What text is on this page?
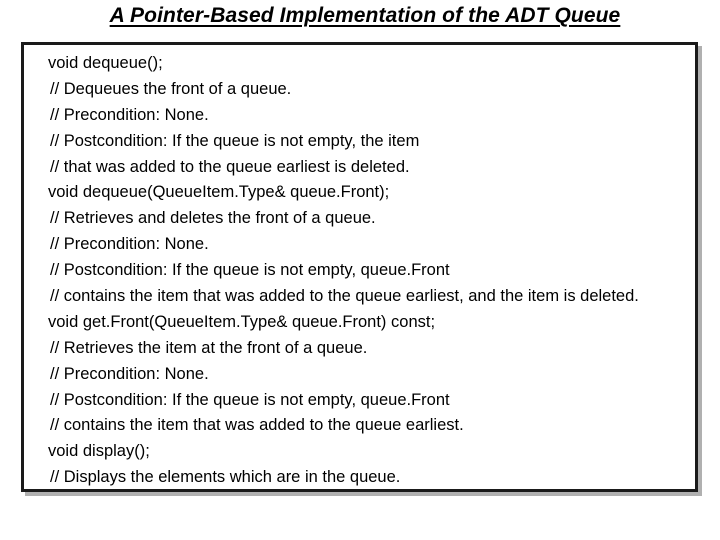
A Pointer-Based Implementation of the ADT Queue
void dequeue();
// Dequeues the front of a queue.
// Precondition: None.
// Postcondition: If the queue is not empty, the item
// that was added to the queue earliest is deleted.
void dequeue(QueueItem.Type& queue.Front);
// Retrieves and deletes the front of a queue.
// Precondition: None.
// Postcondition: If the queue is not empty, queue.Front
// contains the item that was added to the queue earliest, and the item is deleted.
void get.Front(QueueItem.Type& queue.Front) const;
// Retrieves the item at the front of a queue.
// Precondition: None.
// Postcondition: If the queue is not empty, queue.Front
// contains the item that was added to the queue earliest.
void display();
// Displays the elements which are in the queue.
